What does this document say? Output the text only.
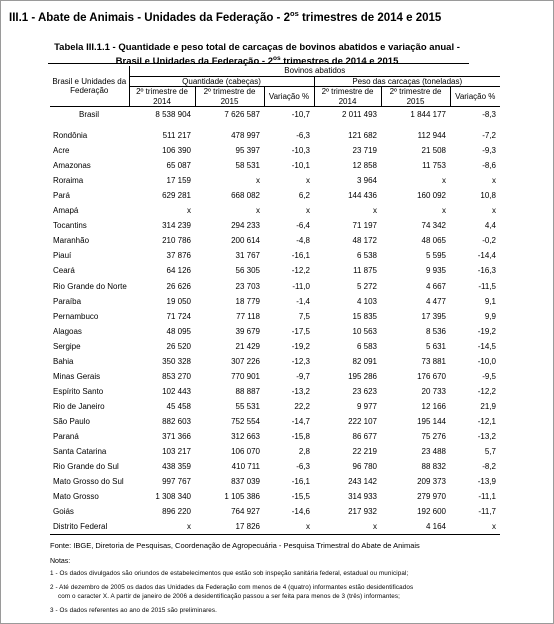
III.1 - Abate de Animais - Unidades da Federação - $2^{os}$ trimestres de 2014 e 2015
Tabela III.1.1 - Quantidade e peso total de carcaças de bovinos abatidos e variação anual -
Brasil e Unidades da Federação - $2^{os}$ trimestres de 2014 e 2015
Brasil e Unidades da Federação	Bovinos abatidos					
	Quantidade (cabeças)			Peso das carcaças (toneladas)		
	2º trimestre de 2014	2º trimestre de 2015	Variação %	2º trimestre de 2014	2º trimestre de 2015	Variação %
Brasil	8 538 904	7 626 587	-10,7	2 011 493	1 844 177	-8,3
Rondônia	511 217	478 997	-6,3	121 682	112 944	-7,2
Acre	106 390	95 397	-10,3	23 719	21 508	-9,3
Amazonas	65 087	58 531	-10,1	12 858	11 753	-8,6
Roraima	17 159	x	x	3 964	x	x
Pará	629 281	668 082	6,2	144 436	160 092	10,8
Amapá	x	x	x	x	x	x
Tocantins	314 239	294 233	-6,4	71 197	74 342	4,4
Maranhão	210 786	200 614	-4,8	48 172	48 065	-0,2
Piauí	37 876	31 767	-16,1	6 538	5 595	-14,4
Ceará	64 126	56 305	-12,2	11 875	9 935	-16,3
Rio Grande do Norte	26 626	23 703	-11,0	5 272	4 667	-11,5
Paraíba	19 050	18 779	-1,4	4 103	4 477	9,1
Pernambuco	71 724	77 118	7,5	15 835	17 395	9,9
Alagoas	48 095	39 679	-17,5	10 563	8 536	-19,2
Sergipe	26 520	21 429	-19,2	6 583	5 631	-14,5
Bahia	350 328	307 226	-12,3	82 091	73 881	-10,0
Minas Gerais	853 270	770 901	-9,7	195 286	176 670	-9,5
Espírito Santo	102 443	88 887	-13,2	23 623	20 733	-12,2
Rio de Janeiro	45 458	55 531	22,2	9 977	12 166	21,9
São Paulo	882 603	752 554	-14,7	222 107	195 144	-12,1
Paraná	371 366	312 663	-15,8	86 677	75 276	-13,2
Santa Catarina	103 217	106 070	2,8	22 219	23 488	5,7
Rio Grande do Sul	438 359	410 711	-6,3	96 780	88 832	-8,2
Mato Grosso do Sul	997 767	837 039	-16,1	243 142	209 373	-13,9
Mato Grosso	1 308 340	1 105 386	-15,5	314 933	279 970	-11,1
Goiás	896 220	764 927	-14,6	217 932	192 600	-11,7
Distrito Federal	x	17 826	x	x	4 164	x
Fonte: IBGE, Diretoria de Pesquisas, Coordenação de Agropecuária - Pesquisa Trimestral do Abate de Animais
Notas:
1 - Os dados divulgados são oriundos de estabelecimentos que estão sob inspeção sanitária federal, estadual ou municipal;
2 - Até dezembro de 2005 os dados das Unidades da Federação com menos de 4 (quatro) informantes estão desidentificados
com o caracter X. A partir de janeiro de 2006 a desidentificação passou a ser feita para menos de 3 (três) informantes;
3 - Os dados referentes ao ano de 2015 são preliminares.
